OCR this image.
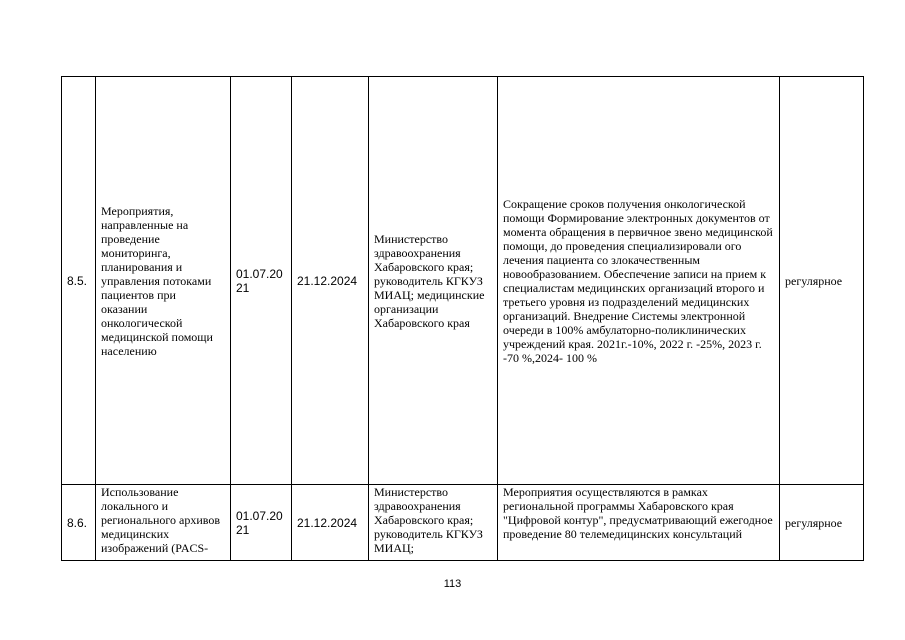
8.5.	Мероприятия, направленные на проведение мониторинга, планирования и управления потоками пациентов при оказании онкологической медицинской помощи населению	01.07.20 21	21.12.2024	Министерство здравоохранения Хабаровского края; руководитель КГКУЗ МИАЦ; медицинские организации Хабаровского края	Сокращение сроков получения онкологической помощи Формирование электронных документов от момента обращения в первичное звено медицинской помощи, до проведения специализировали ого лечения пациента со злокачественным новообразованием. Обеспечение записи на прием к специалистам медицинских организаций второго и третьего уровня из подразделений медицинских организаций. Внедрение Системы электронной очереди в 100% амбулаторно-поликлинических учреждений края. 2021г.-10%, 2022 г. -25%, 2023 г. -70 %,2024- 100 %	регулярное
8.6.	Использование локального и регионального архивов медицинских изображений (PACS-	01.07.20 21	21.12.2024	Министерство здравоохранения Хабаровского края; руководитель КГКУЗ МИАЦ;	Мероприятия осуществляются в рамках региональной программы Хабаровского края "Цифровой контур", предусматривающий ежегодное проведение 80 телемедицинских консультаций	регулярное
113
